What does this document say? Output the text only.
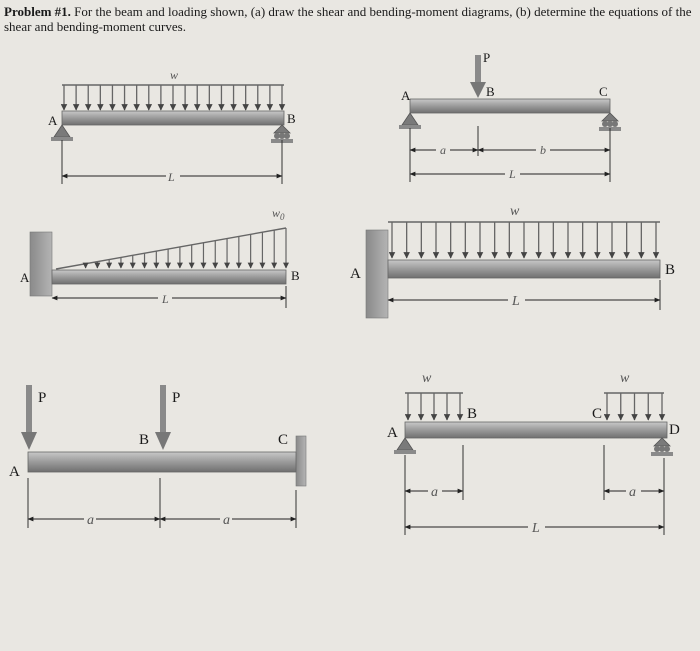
Problem #1. For the beam and loading shown, (a) draw the shear and bending-moment diagrams, (b) determine the equations of the shear and bending-moment curves.

w
A	B
L
P
A	B	C
a	b
L
$w_0$
A	B
L
w
A	B
L
P	P
A
B	C
a	a
w	w
A
B	C
D
a	a
L
